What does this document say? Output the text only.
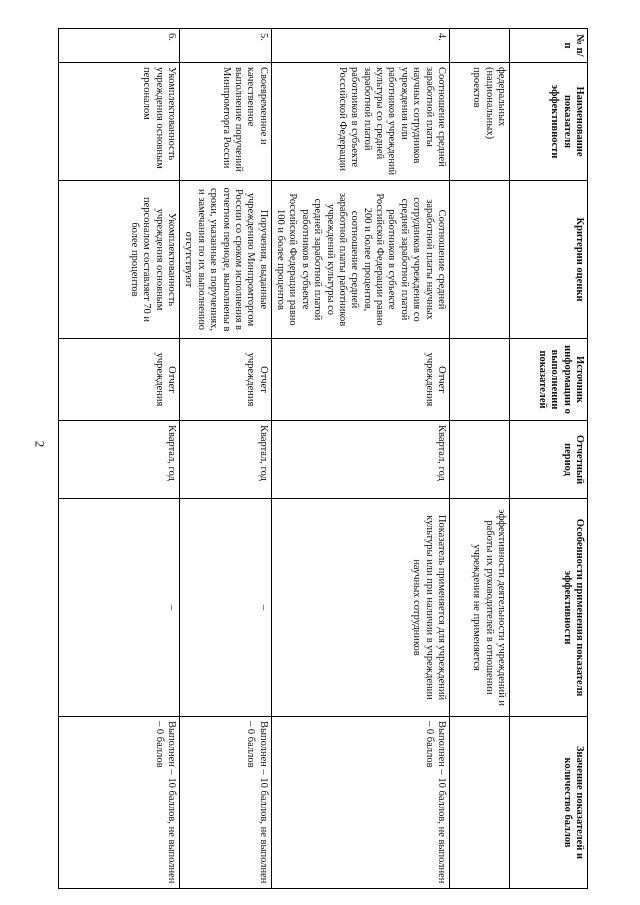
2
№ п/п	Наименование показателя эффективности	Критерии оценки	Источник информации о выполнении показателей	Отчетный период	Особенности применения показателя эффективности	Значение показателей и количество баллов
	федеральных (национальных) проектов				эффективности деятельности учреждений и работы их руководителей в отношении учреждения не применяется	
4.	Соотношение средней заработной платы научных сотрудников учреждения или работников учреждений культуры со средней заработной платой работников в субъекте Российской Федерации	Соотношение средней заработной платы научных сотрудников учреждения со средней заработной платой работников в субъекте Российской Федерации равно 200 и более процентов, соотношение средней заработной платы работников учреждений культуры со средней заработной платой работников в субъекте Российской Федерации равно 100 и более процентов	Отчет учреждения	Квартал, год	Показатель применяется для учреждений культуры или при наличии в учреждении научных сотрудников	Выполнен – 10 баллов, не выполнен – 0 баллов
5.	Своевременное и качественное выполнение поручений Минпромторга России	Поручения, выданные учреждению Минпромторгом России со сроком исполнения в отчетном периоде, выполнены в сроки, указанные в поручениях, и замечания по их выполнению отсутствуют	Отчет учреждения	Квартал, год	–	Выполнен – 10 баллов, не выполнен – 0 баллов
6.	Укомплектованность учреждения основным персоналом	Укомплектованность учреждения основным персоналом составляет 70 и более процентов	Отчет учреждения	Квартал, год	–	Выполнен – 10 баллов, не выполнен – 0 баллов
